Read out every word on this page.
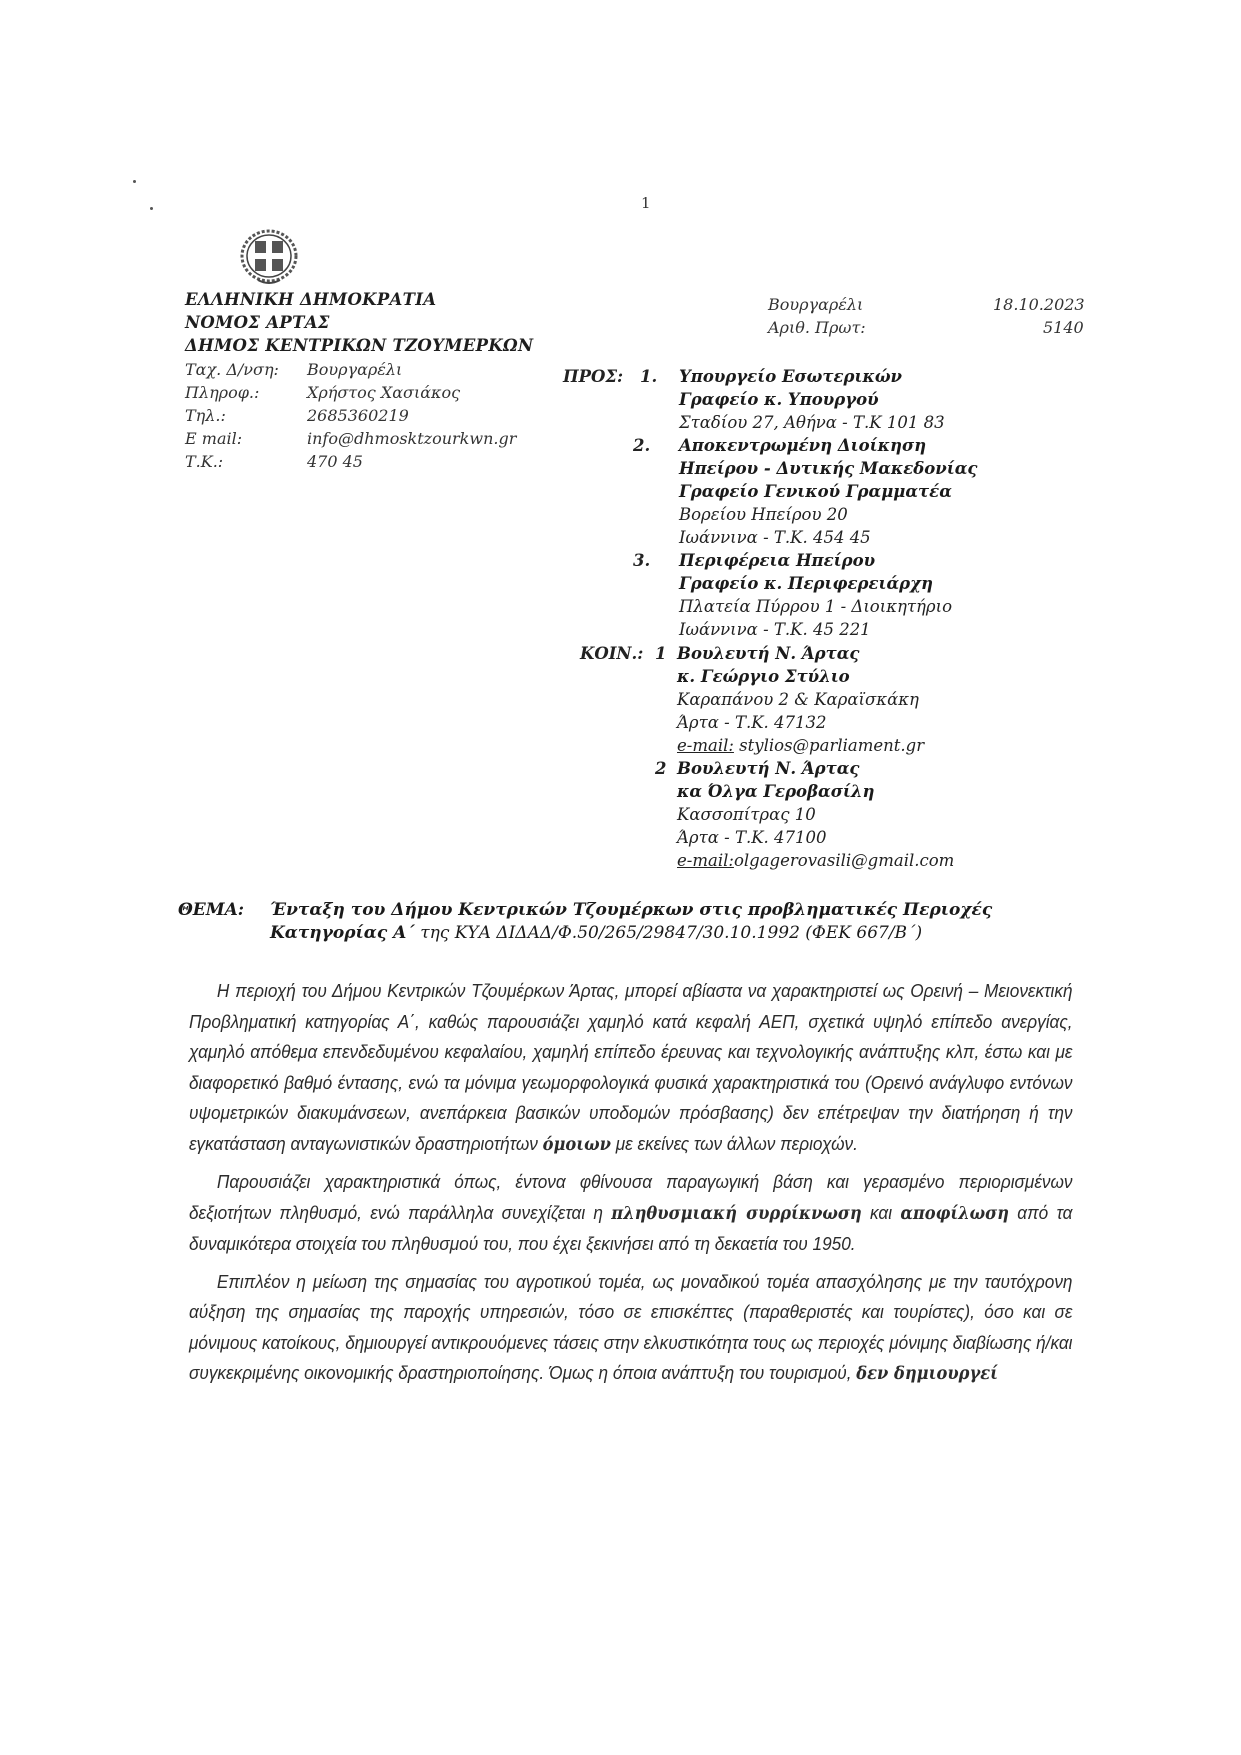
1
ΕΛΛΗΝΙΚΗ ΔΗΜΟΚΡΑΤΙΑ
ΝΟΜΟΣ ΑΡΤΑΣ
ΔΗΜΟΣ ΚΕΝΤΡΙΚΩΝ ΤΖΟΥΜΕΡΚΩΝ
Ταχ. Δ/νση: Βουργαρέλι
Πληροφ.:	Χρήστος Χασιάκος
Τηλ.:	2685360219
E mail:	info@dhmosktzourkwn.gr
Τ.Κ.:	470 45
Βουργαρέλι	18.10.2023
Αριθ. Πρωτ:	5140
ΠΡΟΣ: 1. Υπουργείο Εσωτερικών
Γραφείο κ. Υπουργού
Σταδίου 27, Αθήνα - Τ.Κ 101 83
2. Αποκεντρωμένη Διοίκηση
Ηπείρου - Δυτικής Μακεδονίας
Γραφείο Γενικού Γραμματέα
Βορείου Ηπείρου 20
Ιωάννινα - Τ.Κ. 454 45
3. Περιφέρεια Ηπείρου
Γραφείο κ. Περιφερειάρχη
Πλατεία Πύρρου 1 - Διοικητήριο
Ιωάννινα - Τ.Κ. 45 221
ΚΟΙΝ.: 1 Βουλευτή Ν. Άρτας
κ. Γεώργιο Στύλιο
Καραπάνου 2 & Καραϊσκάκη
Άρτα - Τ.Κ. 47132
e-mail: stylios@parliament.gr
2 Βουλευτή Ν. Άρτας
κα Όλγα Γεροβασίλη
Κασσοπίτρας 10
Άρτα - Τ.Κ. 47100
e-mail:olgagerovasili@gmail.com
ΘΕΜΑ: Ένταξη του Δήμου Κεντρικών Τζουμέρκων στις προβληματικές Περιοχές
Κατηγορίας Α΄ της ΚΥΑ ΔΙΔΑΔ/Φ.50/265/29847/30.10.1992 (ΦΕΚ 667/Β΄)

Η περιοχή του Δήμου Κεντρικών Τζουμέρκων Άρτας, μπορεί αβίαστα να χαρακτηριστεί ως Ορεινή – Μειονεκτική Προβληματική κατηγορίας Α΄, καθώς παρουσιάζει χαμηλό κατά κεφαλή ΑΕΠ, σχετικά υψηλό επίπεδο ανεργίας, χαμηλό απόθεμα επενδεδυμένου κεφαλαίου, χαμηλή επίπεδο έρευνας και τεχνολογικής ανάπτυξης κλπ, έστω και με διαφορετικό βαθμό έντασης, ενώ τα μόνιμα γεωμορφολογικά φυσικά χαρακτηριστικά του (Ορεινό ανάγλυφο εντόνων υψομετρικών διακυμάνσεων, ανεπάρκεια βασικών υποδομών πρόσβασης) δεν επέτρεψαν την διατήρηση ή την εγκατάσταση ανταγωνιστικών δραστηριοτήτων όμοιων με εκείνες των άλλων περιοχών.

Παρουσιάζει χαρακτηριστικά όπως, έντονα φθίνουσα παραγωγική βάση και γερασμένο περιορισμένων δεξιοτήτων πληθυσμό, ενώ παράλληλα συνεχίζεται η πληθυσμιακή συρρίκνωση και αποφίλωση από τα δυναμικότερα στοιχεία του πληθυσμού του, που έχει ξεκινήσει από τη δεκαετία του 1950.

Επιπλέον η μείωση της σημασίας του αγροτικού τομέα, ως μοναδικού τομέα απασχόλησης με την ταυτόχρονη αύξηση της σημασίας της παροχής υπηρεσιών, τόσο σε επισκέπτες (παραθεριστές και τουρίστες), όσο και σε μόνιμους κατοίκους, δημιουργεί αντικρουόμενες τάσεις στην ελκυστικότητα τους ως περιοχές μόνιμης διαβίωσης ή/και συγκεκριμένης οικονομικής δραστηριοποίησης. Όμως η όποια ανάπτυξη του τουρισμού, δεν δημιουργεί
